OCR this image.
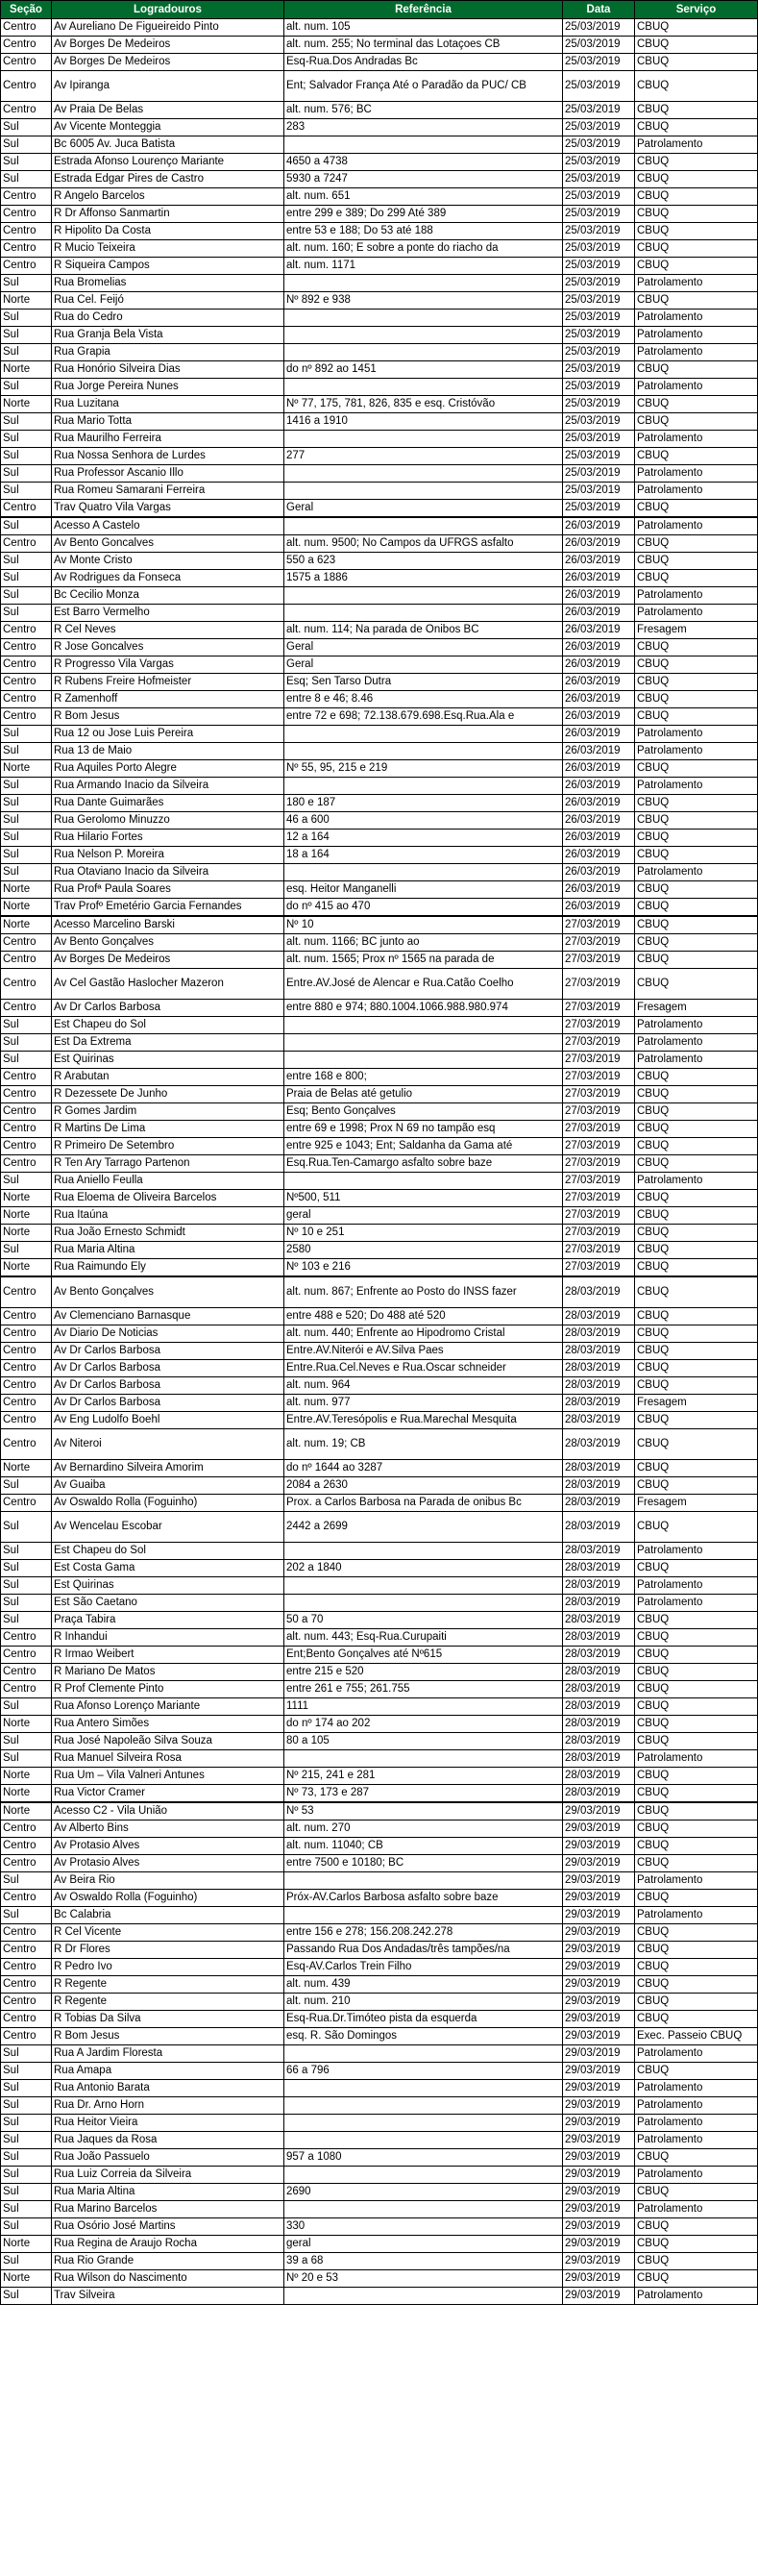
Seção	Logradouros	Referência	Data	Serviço
Centro	Av Aureliano De Figueireido Pinto	alt. num. 105	25/03/2019	CBUQ
Centro	Av Borges De Medeiros	alt. num. 255; No terminal das Lotaçoes CB	25/03/2019	CBUQ
Centro	Av Borges De Medeiros	Esq-Rua.Dos Andradas Bc	25/03/2019	CBUQ
Centro	Av Ipiranga	Ent; Salvador França Até o Paradão da PUC/ CB	25/03/2019	CBUQ
Centro	Av Praia De Belas	alt. num. 576; BC	25/03/2019	CBUQ
Sul	Av Vicente Monteggia	283	25/03/2019	CBUQ
Sul	Bc 6005 Av. Juca Batista		25/03/2019	Patrolamento
Sul	Estrada Afonso Lourenço Mariante	4650 a 4738	25/03/2019	CBUQ
Sul	Estrada Edgar Pires de Castro	5930 a 7247	25/03/2019	CBUQ
Centro	R Angelo Barcelos	alt. num. 651	25/03/2019	CBUQ
Centro	R Dr Affonso Sanmartin	entre 299 e 389; Do 299 Até 389	25/03/2019	CBUQ
Centro	R Hipolito Da Costa	entre 53 e 188; Do 53 até 188	25/03/2019	CBUQ
Centro	R Mucio Teixeira	alt. num. 160; E sobre a ponte do riacho da	25/03/2019	CBUQ
Centro	R Siqueira Campos	alt. num. 1171	25/03/2019	CBUQ
Sul	Rua Bromelias		25/03/2019	Patrolamento
Norte	Rua Cel. Feijó	Nº 892 e 938	25/03/2019	CBUQ
Sul	Rua do Cedro		25/03/2019	Patrolamento
Sul	Rua Granja Bela Vista		25/03/2019	Patrolamento
Sul	Rua Grapia		25/03/2019	Patrolamento
Norte	Rua Honório Silveira Dias	do nº 892 ao 1451	25/03/2019	CBUQ
Sul	Rua Jorge Pereira Nunes		25/03/2019	Patrolamento
Norte	Rua Luzitana	Nº 77, 175, 781, 826, 835 e esq. Cristóvão	25/03/2019	CBUQ
Sul	Rua Mario Totta	1416 a 1910	25/03/2019	CBUQ
Sul	Rua Maurilho Ferreira		25/03/2019	Patrolamento
Sul	Rua Nossa Senhora de Lurdes	277	25/03/2019	CBUQ
Sul	Rua Professor Ascanio Illo		25/03/2019	Patrolamento
Sul	Rua Romeu Samarani Ferreira		25/03/2019	Patrolamento
Centro	Trav Quatro Vila Vargas	Geral	25/03/2019	CBUQ
Sul	Acesso A Castelo		26/03/2019	Patrolamento
Centro	Av Bento Goncalves	alt. num. 9500; No Campos da UFRGS asfalto	26/03/2019	CBUQ
Sul	Av Monte Cristo	550 a 623	26/03/2019	CBUQ
Sul	Av Rodrigues da Fonseca	1575 a 1886	26/03/2019	CBUQ
Sul	Bc Cecilio Monza		26/03/2019	Patrolamento
Sul	Est Barro Vermelho		26/03/2019	Patrolamento
Centro	R Cel Neves	alt. num. 114; Na parada de Onibos BC	26/03/2019	Fresagem
Centro	R Jose Goncalves	Geral	26/03/2019	CBUQ
Centro	R Progresso Vila Vargas	Geral	26/03/2019	CBUQ
Centro	R Rubens Freire Hofmeister	Esq; Sen Tarso Dutra	26/03/2019	CBUQ
Centro	R Zamenhoff	entre 8 e 46; 8.46	26/03/2019	CBUQ
Centro	R Bom Jesus	entre 72 e 698; 72.138.679.698.Esq.Rua.Ala e	26/03/2019	CBUQ
Sul	Rua 12 ou Jose Luis Pereira		26/03/2019	Patrolamento
Sul	Rua 13 de Maio		26/03/2019	Patrolamento
Norte	Rua Aquiles Porto Alegre	Nº 55, 95, 215 e 219	26/03/2019	CBUQ
Sul	Rua Armando Inacio da Silveira		26/03/2019	Patrolamento
Sul	Rua Dante Guimarães	180 e 187	26/03/2019	CBUQ
Sul	Rua Gerolomo Minuzzo	46 a 600	26/03/2019	CBUQ
Sul	Rua Hilario Fortes	12 a 164	26/03/2019	CBUQ
Sul	Rua Nelson P. Moreira	18 a 164	26/03/2019	CBUQ
Sul	Rua Otaviano Inacio da Silveira		26/03/2019	Patrolamento
Norte	Rua Profª Paula Soares	esq. Heitor Manganelli	26/03/2019	CBUQ
Norte	Trav Profº Emetério Garcia Fernandes	do nº 415 ao 470	26/03/2019	CBUQ
Norte	Acesso Marcelino Barski	Nº 10	27/03/2019	CBUQ
Centro	Av Bento Gonçalves	alt. num. 1166; BC junto ao	27/03/2019	CBUQ
Centro	Av Borges De Medeiros	alt. num. 1565; Prox nº 1565 na parada de	27/03/2019	CBUQ
Centro	Av Cel Gastão Haslocher Mazeron	Entre.AV.José de Alencar e Rua.Catão Coelho	27/03/2019	CBUQ
Centro	Av Dr Carlos Barbosa	entre 880 e 974; 880.1004.1066.988.980.974	27/03/2019	Fresagem
Sul	Est Chapeu do Sol		27/03/2019	Patrolamento
Sul	Est Da Extrema		27/03/2019	Patrolamento
Sul	Est Quirinas		27/03/2019	Patrolamento
Centro	R Arabutan	entre 168 e 800;	27/03/2019	CBUQ
Centro	R Dezessete De Junho	Praia de Belas até getulio	27/03/2019	CBUQ
Centro	R Gomes Jardim	Esq; Bento Gonçalves	27/03/2019	CBUQ
Centro	R Martins De Lima	entre 69 e 1998; Prox N 69 no tampão esq	27/03/2019	CBUQ
Centro	R Primeiro De Setembro	entre 925 e 1043; Ent; Saldanha da Gama até	27/03/2019	CBUQ
Centro	R Ten Ary Tarrago Partenon	Esq.Rua.Ten-Camargo asfalto sobre baze	27/03/2019	CBUQ
Sul	Rua Aniello Feulla		27/03/2019	Patrolamento
Norte	Rua Eloema de Oliveira Barcelos	Nº500, 511	27/03/2019	CBUQ
Norte	Rua Itaúna	geral	27/03/2019	CBUQ
Norte	Rua João Ernesto Schmidt	Nº 10 e 251	27/03/2019	CBUQ
Sul	Rua Maria Altina	2580	27/03/2019	CBUQ
Norte	Rua Raimundo Ely	Nº 103 e 216	27/03/2019	CBUQ
Centro	Av Bento Gonçalves	alt. num. 867; Enfrente ao Posto do INSS fazer	28/03/2019	CBUQ
Centro	Av Clemenciano Barnasque	entre 488 e 520; Do 488 até 520	28/03/2019	CBUQ
Centro	Av Diario De Noticias	alt. num. 440; Enfrente ao Hipodromo Cristal	28/03/2019	CBUQ
Centro	Av Dr Carlos Barbosa	Entre.AV.Niterói e AV.Silva Paes	28/03/2019	CBUQ
Centro	Av Dr Carlos Barbosa	Entre.Rua.Cel.Neves e Rua.Oscar schneider	28/03/2019	CBUQ
Centro	Av Dr Carlos Barbosa	alt. num. 964	28/03/2019	CBUQ
Centro	Av Dr Carlos Barbosa	alt. num. 977	28/03/2019	Fresagem
Centro	Av Eng Ludolfo Boehl	Entre.AV.Teresópolis e Rua.Marechal Mesquita	28/03/2019	CBUQ
Centro	Av Niteroi	alt. num. 19; CB	28/03/2019	CBUQ
Norte	Av Bernardino Silveira Amorim	do nº 1644 ao 3287	28/03/2019	CBUQ
Sul	Av Guaiba	2084 a 2630	28/03/2019	CBUQ
Centro	Av Oswaldo Rolla (Foguinho)	Prox. a Carlos Barbosa na Parada de onibus Bc	28/03/2019	Fresagem
Sul	Av Wencelau Escobar	2442 a 2699	28/03/2019	CBUQ
Sul	Est Chapeu do Sol		28/03/2019	Patrolamento
Sul	Est Costa Gama	202 a 1840	28/03/2019	CBUQ
Sul	Est Quirinas		28/03/2019	Patrolamento
Sul	Est São Caetano		28/03/2019	Patrolamento
Sul	Praça Tabira	50 a 70	28/03/2019	CBUQ
Centro	R Inhandui	alt. num. 443; Esq-Rua.Curupaiti	28/03/2019	CBUQ
Centro	R Irmao Weibert	Ent;Bento Gonçalves até Nº615	28/03/2019	CBUQ
Centro	R Mariano De Matos	entre 215 e 520	28/03/2019	CBUQ
Centro	R Prof Clemente Pinto	entre 261 e 755; 261.755	28/03/2019	CBUQ
Sul	Rua Afonso Lorenço Mariante	1111	28/03/2019	CBUQ
Norte	Rua Antero Simões	do nº 174 ao 202	28/03/2019	CBUQ
Sul	Rua José Napoleão Silva Souza	80 a 105	28/03/2019	CBUQ
Sul	Rua Manuel Silveira Rosa		28/03/2019	Patrolamento
Norte	Rua Um – Vila Valneri Antunes	Nº 215, 241 e 281	28/03/2019	CBUQ
Norte	Rua Victor Cramer	Nº 73, 173 e 287	28/03/2019	CBUQ
Norte	Acesso C2 - Vila União	Nº 53	29/03/2019	CBUQ
Centro	Av Alberto Bins	alt. num. 270	29/03/2019	CBUQ
Centro	Av Protasio Alves	alt. num. 11040; CB	29/03/2019	CBUQ
Centro	Av Protasio Alves	entre 7500 e 10180; BC	29/03/2019	CBUQ
Sul	Av Beira Rio		29/03/2019	Patrolamento
Centro	Av Oswaldo Rolla (Foguinho)	Próx-AV.Carlos Barbosa asfalto sobre baze	29/03/2019	CBUQ
Sul	Bc Calabria		29/03/2019	Patrolamento
Centro	R Cel Vicente	entre 156 e 278; 156.208.242.278	29/03/2019	CBUQ
Centro	R Dr Flores	Passando Rua Dos Andadas/três tampões/na	29/03/2019	CBUQ
Centro	R Pedro Ivo	Esq-AV.Carlos Trein Filho	29/03/2019	CBUQ
Centro	R Regente	alt. num. 439	29/03/2019	CBUQ
Centro	R Regente	alt. num. 210	29/03/2019	CBUQ
Centro	R Tobias Da Silva	Esq-Rua.Dr.Timóteo pista da esquerda	29/03/2019	CBUQ
Centro	R Bom Jesus	esq. R. São Domingos	29/03/2019	Exec. Passeio CBUQ
Sul	Rua A Jardim Floresta		29/03/2019	Patrolamento
Sul	Rua Amapa	66 a 796	29/03/2019	CBUQ
Sul	Rua Antonio Barata		29/03/2019	Patrolamento
Sul	Rua Dr. Arno Horn		29/03/2019	Patrolamento
Sul	Rua Heitor Vieira		29/03/2019	Patrolamento
Sul	Rua Jaques da Rosa		29/03/2019	Patrolamento
Sul	Rua João Passuelo	957 a 1080	29/03/2019	CBUQ
Sul	Rua Luiz Correia da Silveira		29/03/2019	Patrolamento
Sul	Rua Maria Altina	2690	29/03/2019	CBUQ
Sul	Rua Marino Barcelos		29/03/2019	Patrolamento
Sul	Rua Osório José Martins	330	29/03/2019	CBUQ
Norte	Rua Regina de Araujo Rocha	geral	29/03/2019	CBUQ
Sul	Rua Rio Grande	39 a 68	29/03/2019	CBUQ
Norte	Rua Wilson do Nascimento	Nº 20 e 53	29/03/2019	CBUQ
Sul	Trav Silveira		29/03/2019	Patrolamento
